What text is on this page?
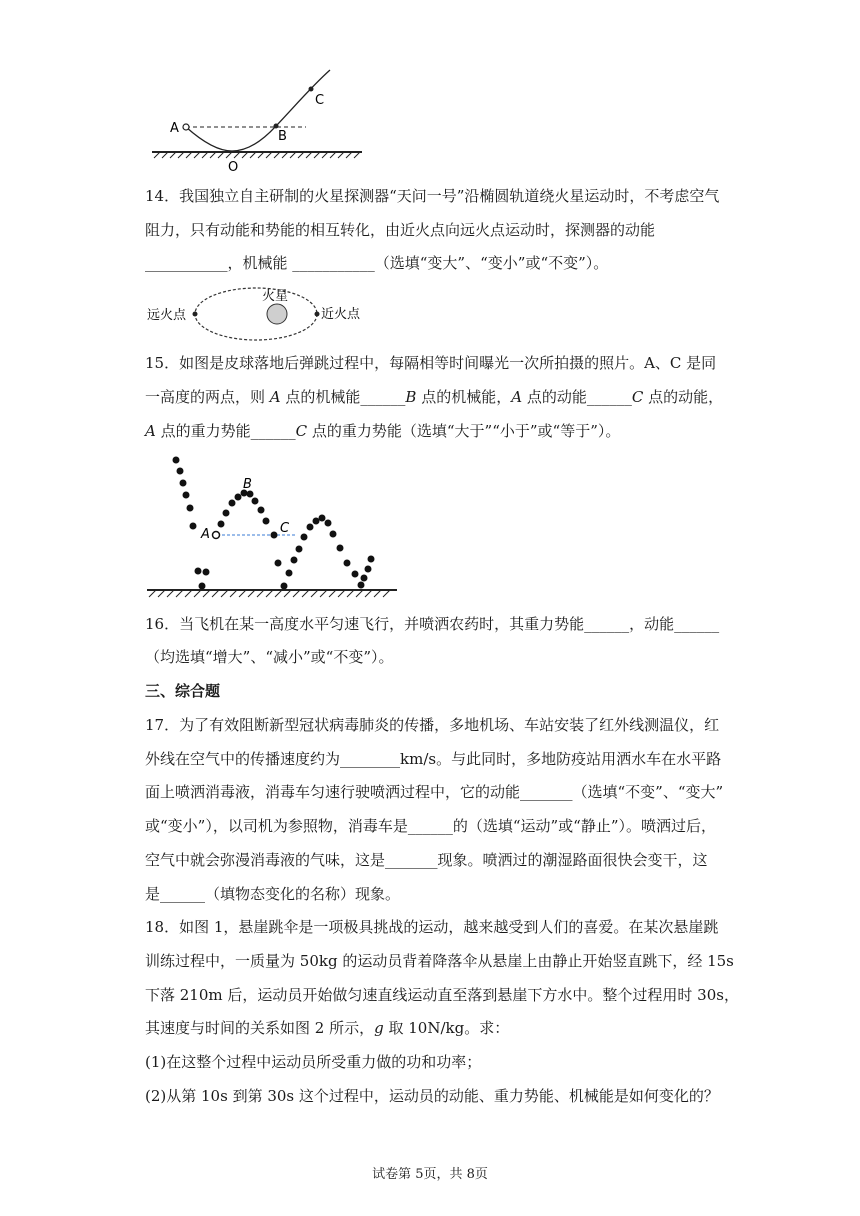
A
B
C
O
14．我国独立自主研制的火星探测器“天问一号”沿椭圆轨道绕火星运动时，不考虑空气
阻力，只有动能和势能的相互转化，由近火点向远火点运动时，探测器的动能
___________，机械能 ___________（选填“变大”、“变小”或“不变”）。
远火点
火星
近火点
15．如图是皮球落地后弹跳过程中，每隔相等时间曝光一次所拍摄的照片。A、C 是同
一高度的两点，则 A 点的机械能______B 点的机械能，A 点的动能______C 点的动能，
A 点的重力势能______C 点的重力势能（选填“大于”“小于”或“等于”）。
A
B
C
16．当飞机在某一高度水平匀速飞行，并喷洒农药时，其重力势能______，动能______
（均选填“增大”、“减小”或“不变”）。
三、综合题
17．为了有效阻断新型冠状病毒肺炎的传播，多地机场、车站安装了红外线测温仪，红
外线在空气中的传播速度约为________km/s。与此同时，多地防疫站用洒水车在水平路
面上喷洒消毒液，消毒车匀速行驶喷洒过程中，它的动能_______（选填“不变”、“变大”
或“变小”），以司机为参照物，消毒车是______的（选填“运动”或“静止”）。喷洒过后，
空气中就会弥漫消毒液的气味，这是_______现象。喷洒过的潮湿路面很快会变干，这
是______（填物态变化的名称）现象。
18．如图 1，悬崖跳伞是一项极具挑战的运动，越来越受到人们的喜爱。在某次悬崖跳
训练过程中，一质量为 50kg 的运动员背着降落伞从悬崖上由静止开始竖直跳下，经 15s
下落 210m 后，运动员开始做匀速直线运动直至落到悬崖下方水中。整个过程用时 30s，
其速度与时间的关系如图 2 所示，g 取 10N/kg。求：
(1)在这整个过程中运动员所受重力做的功和功率；
(2)从第 10s 到第 30s 这个过程中，运动员的动能、重力势能、机械能是如何变化的？
试卷第 5页，共 8页
